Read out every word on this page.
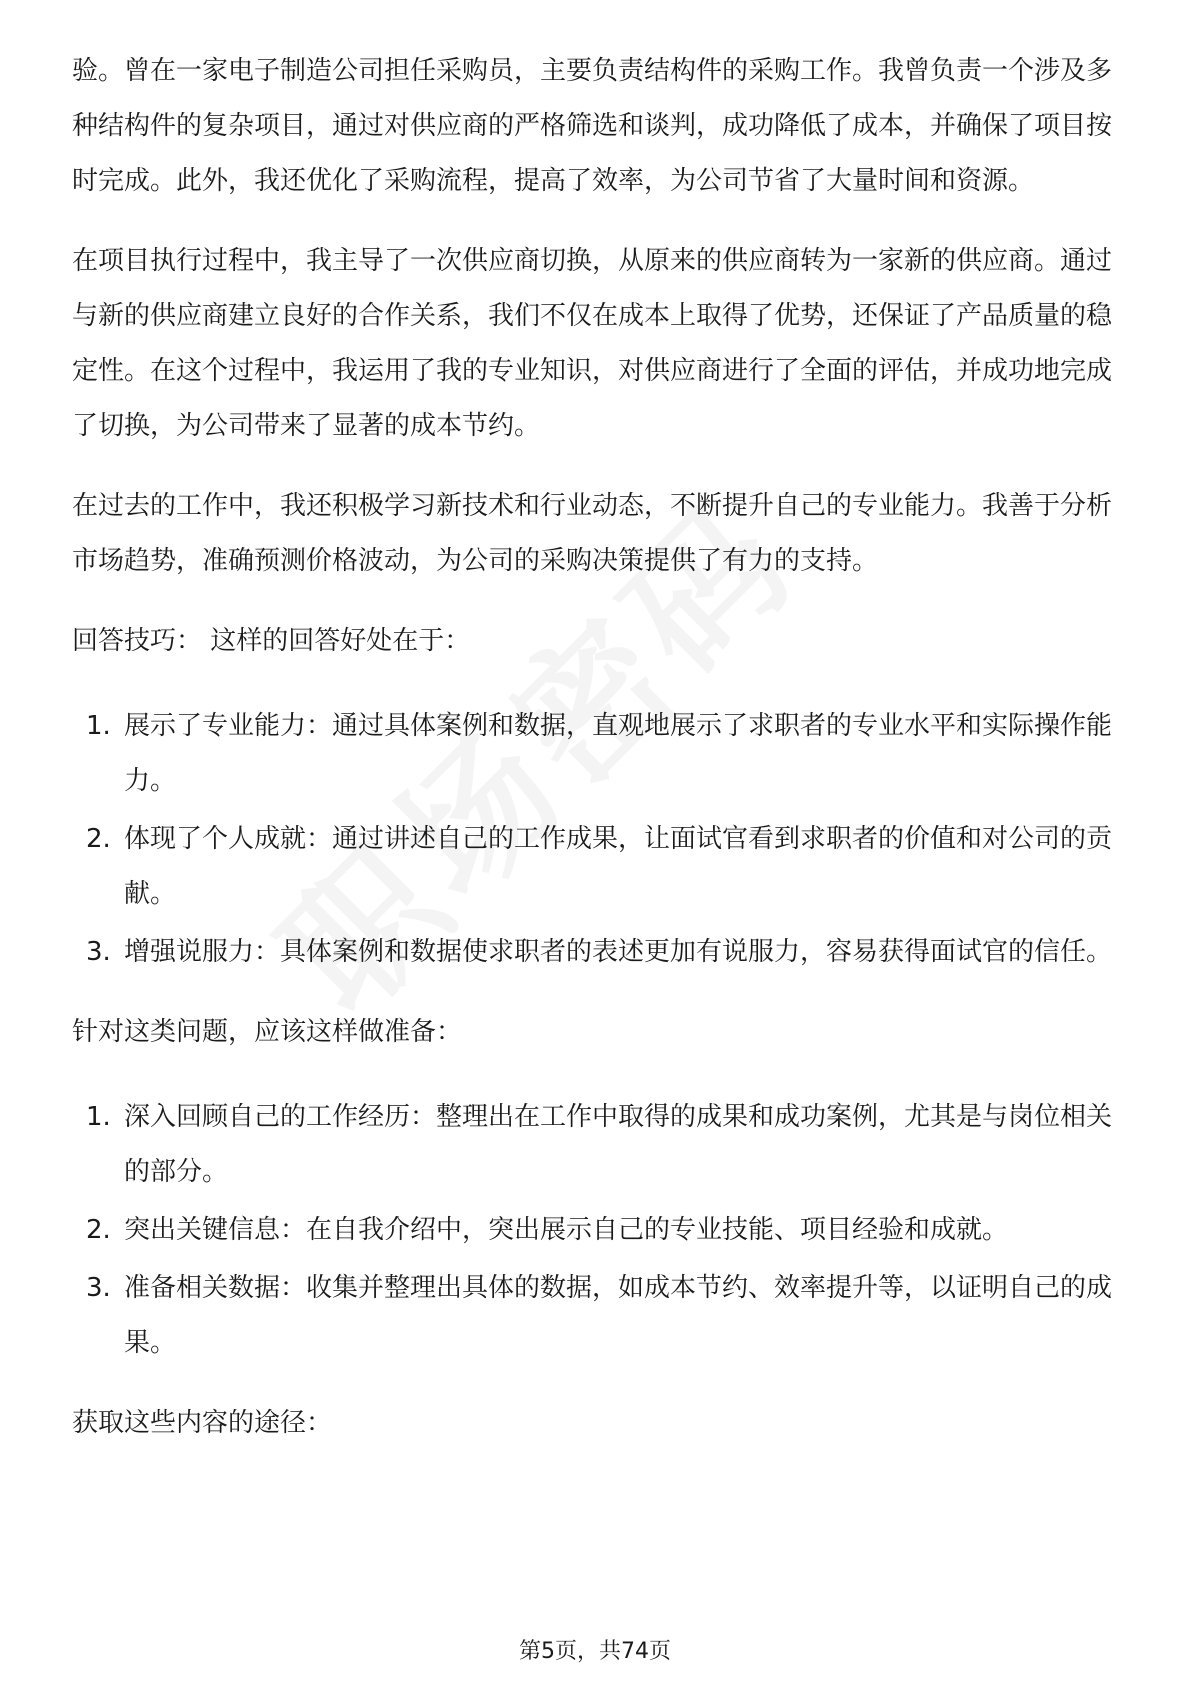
验。曾在一家电子制造公司担任采购员，主要负责结构件的采购工作。我曾负责一个涉及多种结构件的复杂项目，通过对供应商的严格筛选和谈判，成功降低了成本，并确保了项目按时完成。此外，我还优化了采购流程，提高了效率，为公司节省了大量时间和资源。

在项目执行过程中，我主导了一次供应商切换，从原来的供应商转为一家新的供应商。通过与新的供应商建立良好的合作关系，我们不仅在成本上取得了优势，还保证了产品质量的稳定性。在这个过程中，我运用了我的专业知识，对供应商进行了全面的评估，并成功地完成了切换，为公司带来了显著的成本节约。

在过去的工作中，我还积极学习新技术和行业动态，不断提升自己的专业能力。我善于分析市场趋势，准确预测价格波动，为公司的采购决策提供了有力的支持。

回答技巧： 这样的回答好处在于：

1. 展示了专业能力：通过具体案例和数据，直观地展示了求职者的专业水平和实际操作能力。
2. 体现了个人成就：通过讲述自己的工作成果，让面试官看到求职者的价值和对公司的贡献。
3. 增强说服力：具体案例和数据使求职者的表述更加有说服力，容易获得面试官的信任。

针对这类问题，应该这样做准备：

1. 深入回顾自己的工作经历：整理出在工作中取得的成果和成功案例，尤其是与岗位相关的部分。
2. 突出关键信息：在自我介绍中，突出展示自己的专业技能、项目经验和成就。
3. 准备相关数据：收集并整理出具体的数据，如成本节约、效率提升等，以证明自己的成果。

获取这些内容的途径：

第5页，共74页
